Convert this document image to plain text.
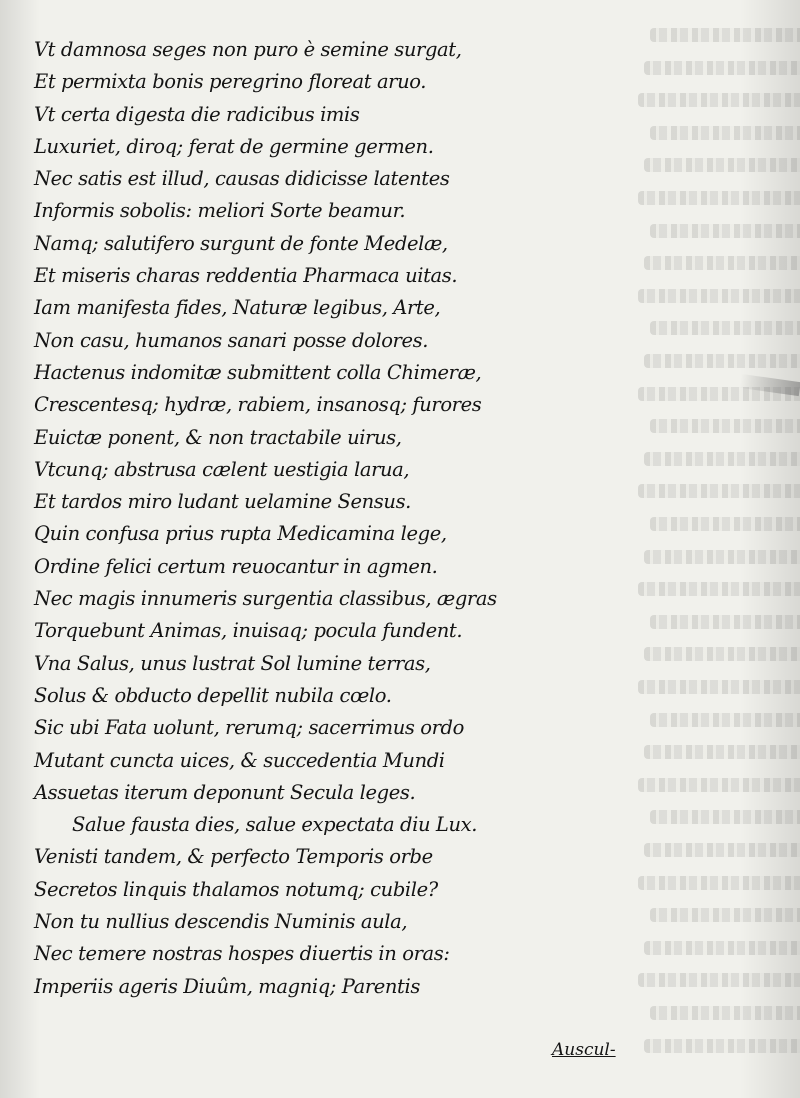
Vt damnosa seges non puro è semine surgat,
Et permixta bonis peregrino floreat aruo.
Vt certa digesta die radicibus imis
Luxuriet, diroq; ferat de germine germen.
Nec satis est illud, causas didicisse latentes
Informis sobolis: meliori Sorte beamur.
Namq; salutifero surgunt de fonte Medelæ,
Et miseris charas reddentia Pharmaca uitas.
Iam manifesta fides, Naturæ legibus, Arte,
Non casu, humanos sanari posse dolores.
Hactenus indomitæ submittent colla Chimeræ,
Crescentesq; hydræ, rabiem, insanosq; furores
Euictæ ponent, & non tractabile uirus,
Vtcunq; abstrusa cælent uestigia larua,
Et tardos miro ludant uelamine Sensus.
Quin confusa prius rupta Medicamina lege,
Ordine felici certum reuocantur in agmen.
Nec magis innumeris surgentia classibus, ægras
Torquebunt Animas, inuisaq; pocula fundent.
Vna Salus, unus lustrat Sol lumine terras,
Solus & obducto depellit nubila cœlo.
Sic ubi Fata uolunt, rerumq; sacerrimus ordo
Mutant cuncta uices, & succedentia Mundi
Assuetas iterum deponunt Secula leges.
Salue fausta dies, salue expectata diu Lux.
Venisti tandem, & perfecto Temporis orbe
Secretos linquis thalamos notumq; cubile?
Non tu nullius descendis Numinis aula,
Nec temere nostras hospes diuertis in oras:
Imperiis ageris Diuûm, magniq; Parentis
Auscul-
